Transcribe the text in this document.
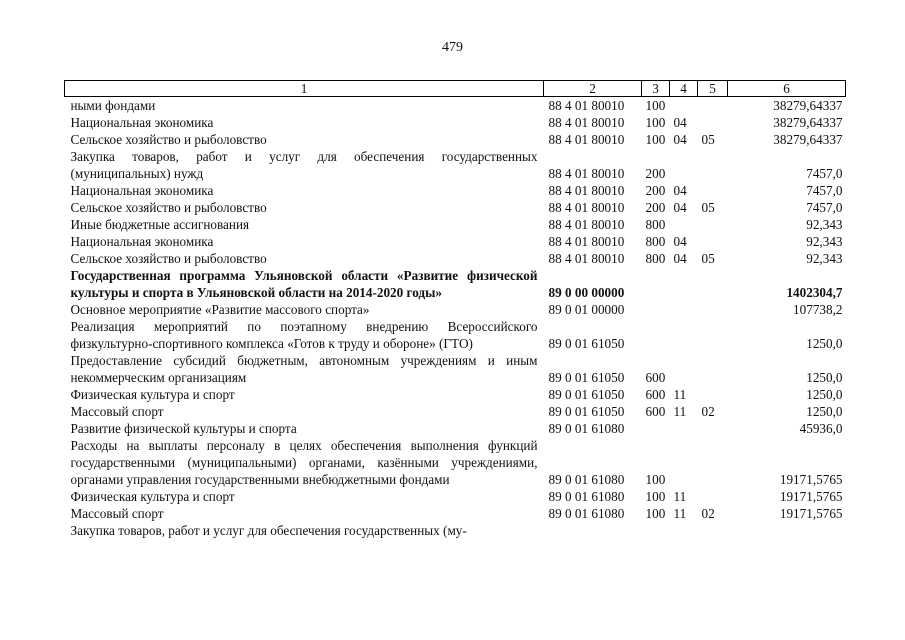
479
1	2	3	4	5	6
ными фондами	88 4 01 80010	100			38279,64337
Национальная экономика	88 4 01 80010	100	04		38279,64337
Сельское хозяйство и рыболовство	88 4 01 80010	100	04	05	38279,64337
Закупка товаров, работ и услуг для обеспечения государственных (муниципальных) нужд	88 4 01 80010	200			7457,0
Национальная экономика	88 4 01 80010	200	04		7457,0
Сельское хозяйство и рыболовство	88 4 01 80010	200	04	05	7457,0
Иные бюджетные ассигнования	88 4 01 80010	800			92,343
Национальная экономика	88 4 01 80010	800	04		92,343
Сельское хозяйство и рыболовство	88 4 01 80010	800	04	05	92,343
Государственная программа Ульяновской области «Развитие физической культуры и спорта в Ульяновской области на 2014-2020 годы»	89 0 00 00000				1402304,7
Основное мероприятие «Развитие массового спорта»	89 0 01 00000				107738,2
Реализация мероприятий по поэтапному внедрению Всероссийского физкультурно-спортивного комплекса «Готов к труду и обороне» (ГТО)	89 0 01 61050				1250,0
Предоставление субсидий бюджетным, автономным учреждениям и иным некоммерческим организациям	89 0 01 61050	600			1250,0
Физическая культура и спорт	89 0 01 61050	600	11		1250,0
Массовый спорт	89 0 01 61050	600	11	02	1250,0
Развитие физической культуры и спорта	89 0 01 61080				45936,0
Расходы на выплаты персоналу в целях обеспечения выполнения функций государственными (муниципальными) органами, казёнными учреждениями, органами управления государственными внебюджетными фондами	89 0 01 61080	100			19171,5765
Физическая культура и спорт	89 0 01 61080	100	11		19171,5765
Массовый спорт	89 0 01 61080	100	11	02	19171,5765
Закупка товаров, работ и услуг для обеспечения государственных (му-					
